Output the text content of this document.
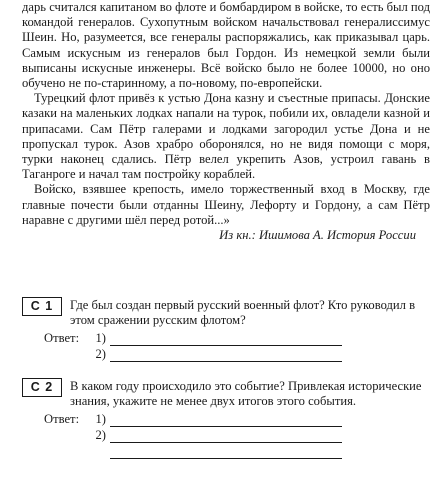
дарь считался капитаном во флоте и бомбардиром в войске, то есть был под командой генералов. Сухопутным войском начальствовал генералиссимус Шеин. Но, разумеется, все генералы распоряжались, как приказывал царь. Самым искусным из генералов был Гордон. Из немецкой земли были выписаны искусные инженеры. Всё войско было не более 10000, но оно обучено не по-старинному, а по-новому, по-европейски.

Турецкий флот привёз к устью Дона казну и съестные припасы. Донские казаки на маленьких лодках напали на турок, побили их, овладели казной и припасами. Сам Пётр галерами и лодками загородил устье Дона и не пропускал турок. Азов храбро оборонялся, но не видя помощи с моря, турки наконец сдались. Пётр велел укрепить Азов, устроил гавань в Таганроге и начал там постройку кораблей.

Войско, взявшее крепость, имело торжественный вход в Москву, где главные почести были отданны Шеину, Лефорту и Гордону, а сам Пётр наравне с другими шёл перед ротой...»

Из кн.: Ишимова А. История России
С 1	Где был создан первый русский военный флот? Кто руководил в этом сражении русским флотом?
Ответ:	1)
2)
С 2	В каком году происходило это событие? Привлекая исторические знания, укажите не менее двух итогов этого события.
Ответ:	1)
2)
